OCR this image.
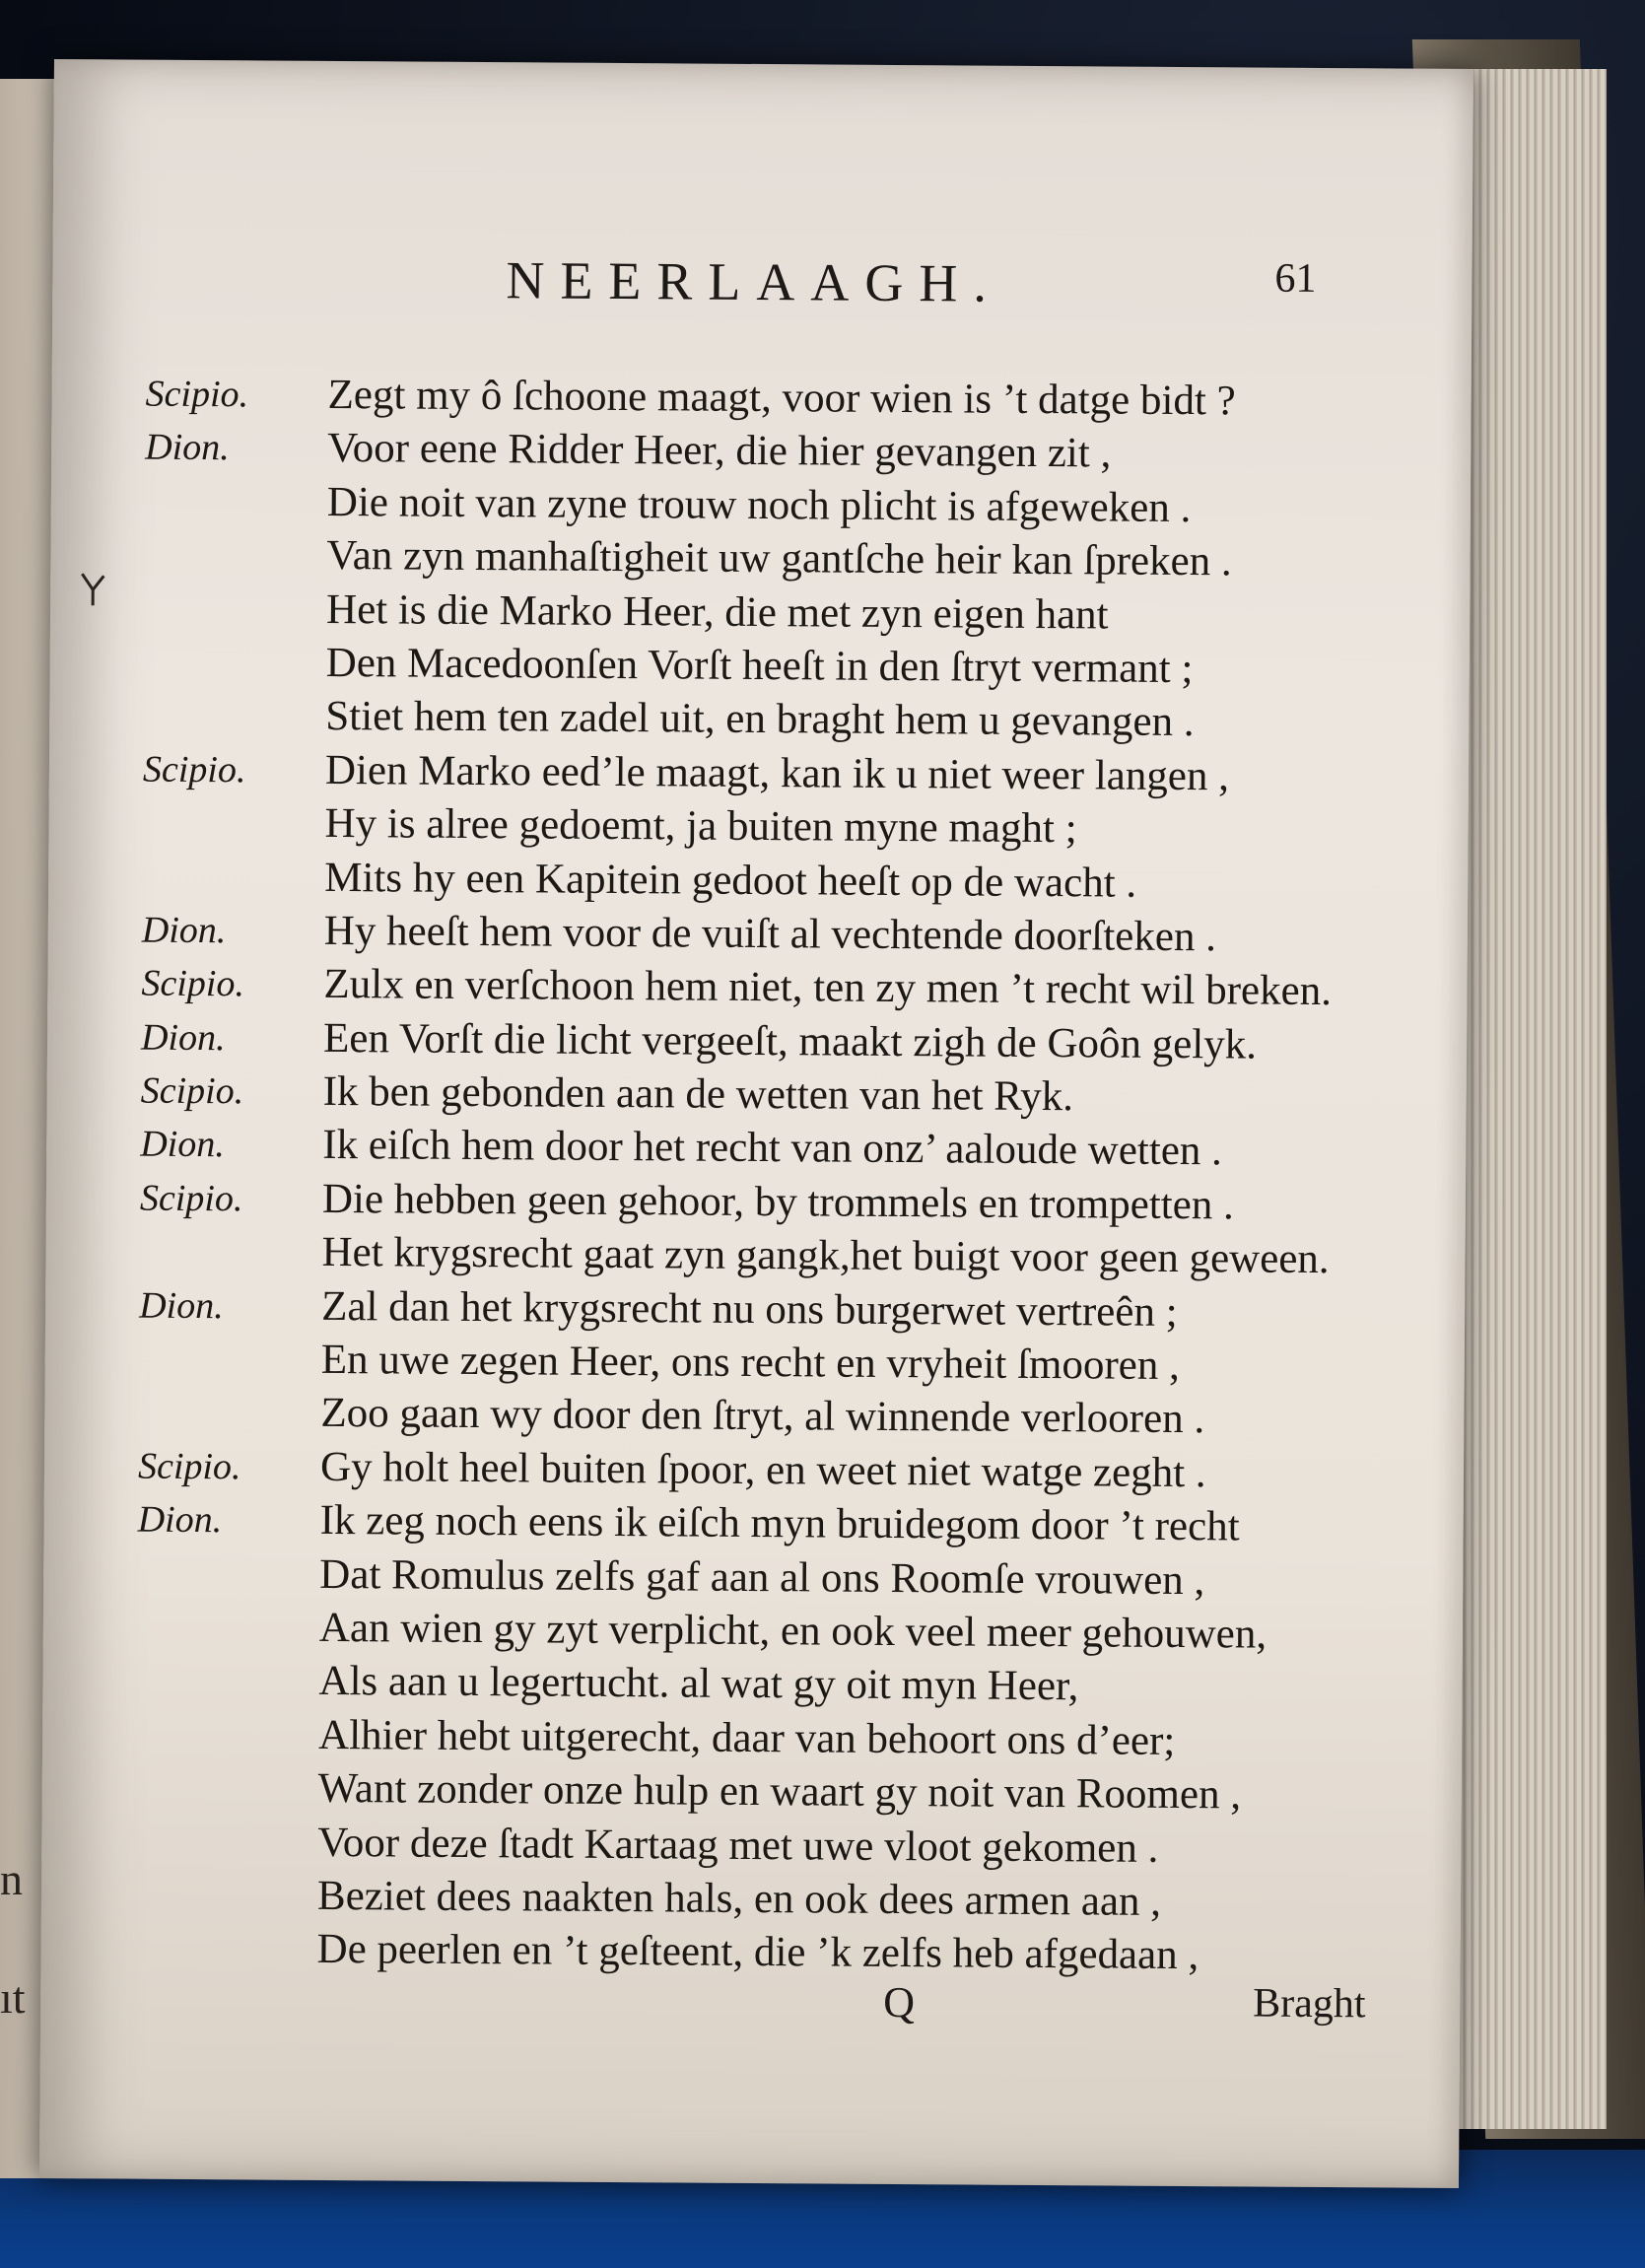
n
ıt
NEERLAAGH.	61
Scipio.	Zegt my ô ſchoone maagt, voor wien is ’t datge bidt ?
Dion.	Voor eene Ridder Heer, die hier gevangen zit ,
Die noit van zyne trouw noch plicht is afgeweken .
Van zyn manhaſtigheit uw gantſche heir kan ſpreken .
Het is die Marko Heer, die met zyn eigen hant
Den Macedoonſen Vorſt heeſt in den ſtryt vermant ;
Stiet hem ten zadel uit, en braght hem u gevangen .
Scipio.	Dien Marko eed’le maagt, kan ik u niet weer langen ,
Hy is alree gedoemt, ja buiten myne maght ;
Mits hy een Kapitein gedoot heeſt op de wacht .
Dion.	Hy heeſt hem voor de vuiſt al vechtende doorſteken .
Scipio.	Zulx en verſchoon hem niet, ten zy men ’t recht wil breken.
Dion.	Een Vorſt die licht vergeeſt, maakt zigh de Goôn gelyk.
Scipio.	Ik ben gebonden aan de wetten van het Ryk.
Dion.	Ik eiſch hem door het recht van onz’ aaloude wetten .
Scipio.	Die hebben geen gehoor, by trommels en trompetten .
Het krygsrecht gaat zyn gangk,het buigt voor geen geween.
Dion.	Zal dan het krygsrecht nu ons burgerwet vertreên ;
En uwe zegen Heer, ons recht en vryheit ſmooren ,
Zoo gaan wy door den ſtryt, al winnende verlooren .
Scipio.	Gy holt heel buiten ſpoor, en weet niet watge zeght .
Dion.	Ik zeg noch eens ik eiſch myn bruidegom door ’t recht
Dat Romulus zelfs gaf aan al ons Roomſe vrouwen ,
Aan wien gy zyt verplicht, en ook veel meer gehouwen,
Als aan u legertucht. al wat gy oit myn Heer,
Alhier hebt uitgerecht, daar van behoort ons d’eer;
Want zonder onze hulp en waart gy noit van Roomen ,
Voor deze ſtadt Kartaag met uwe vloot gekomen .
Beziet dees naakten hals, en ook dees armen aan ,
De peerlen en ’t geſteent, die ’k zelfs heb afgedaan ,
Q	Braght
